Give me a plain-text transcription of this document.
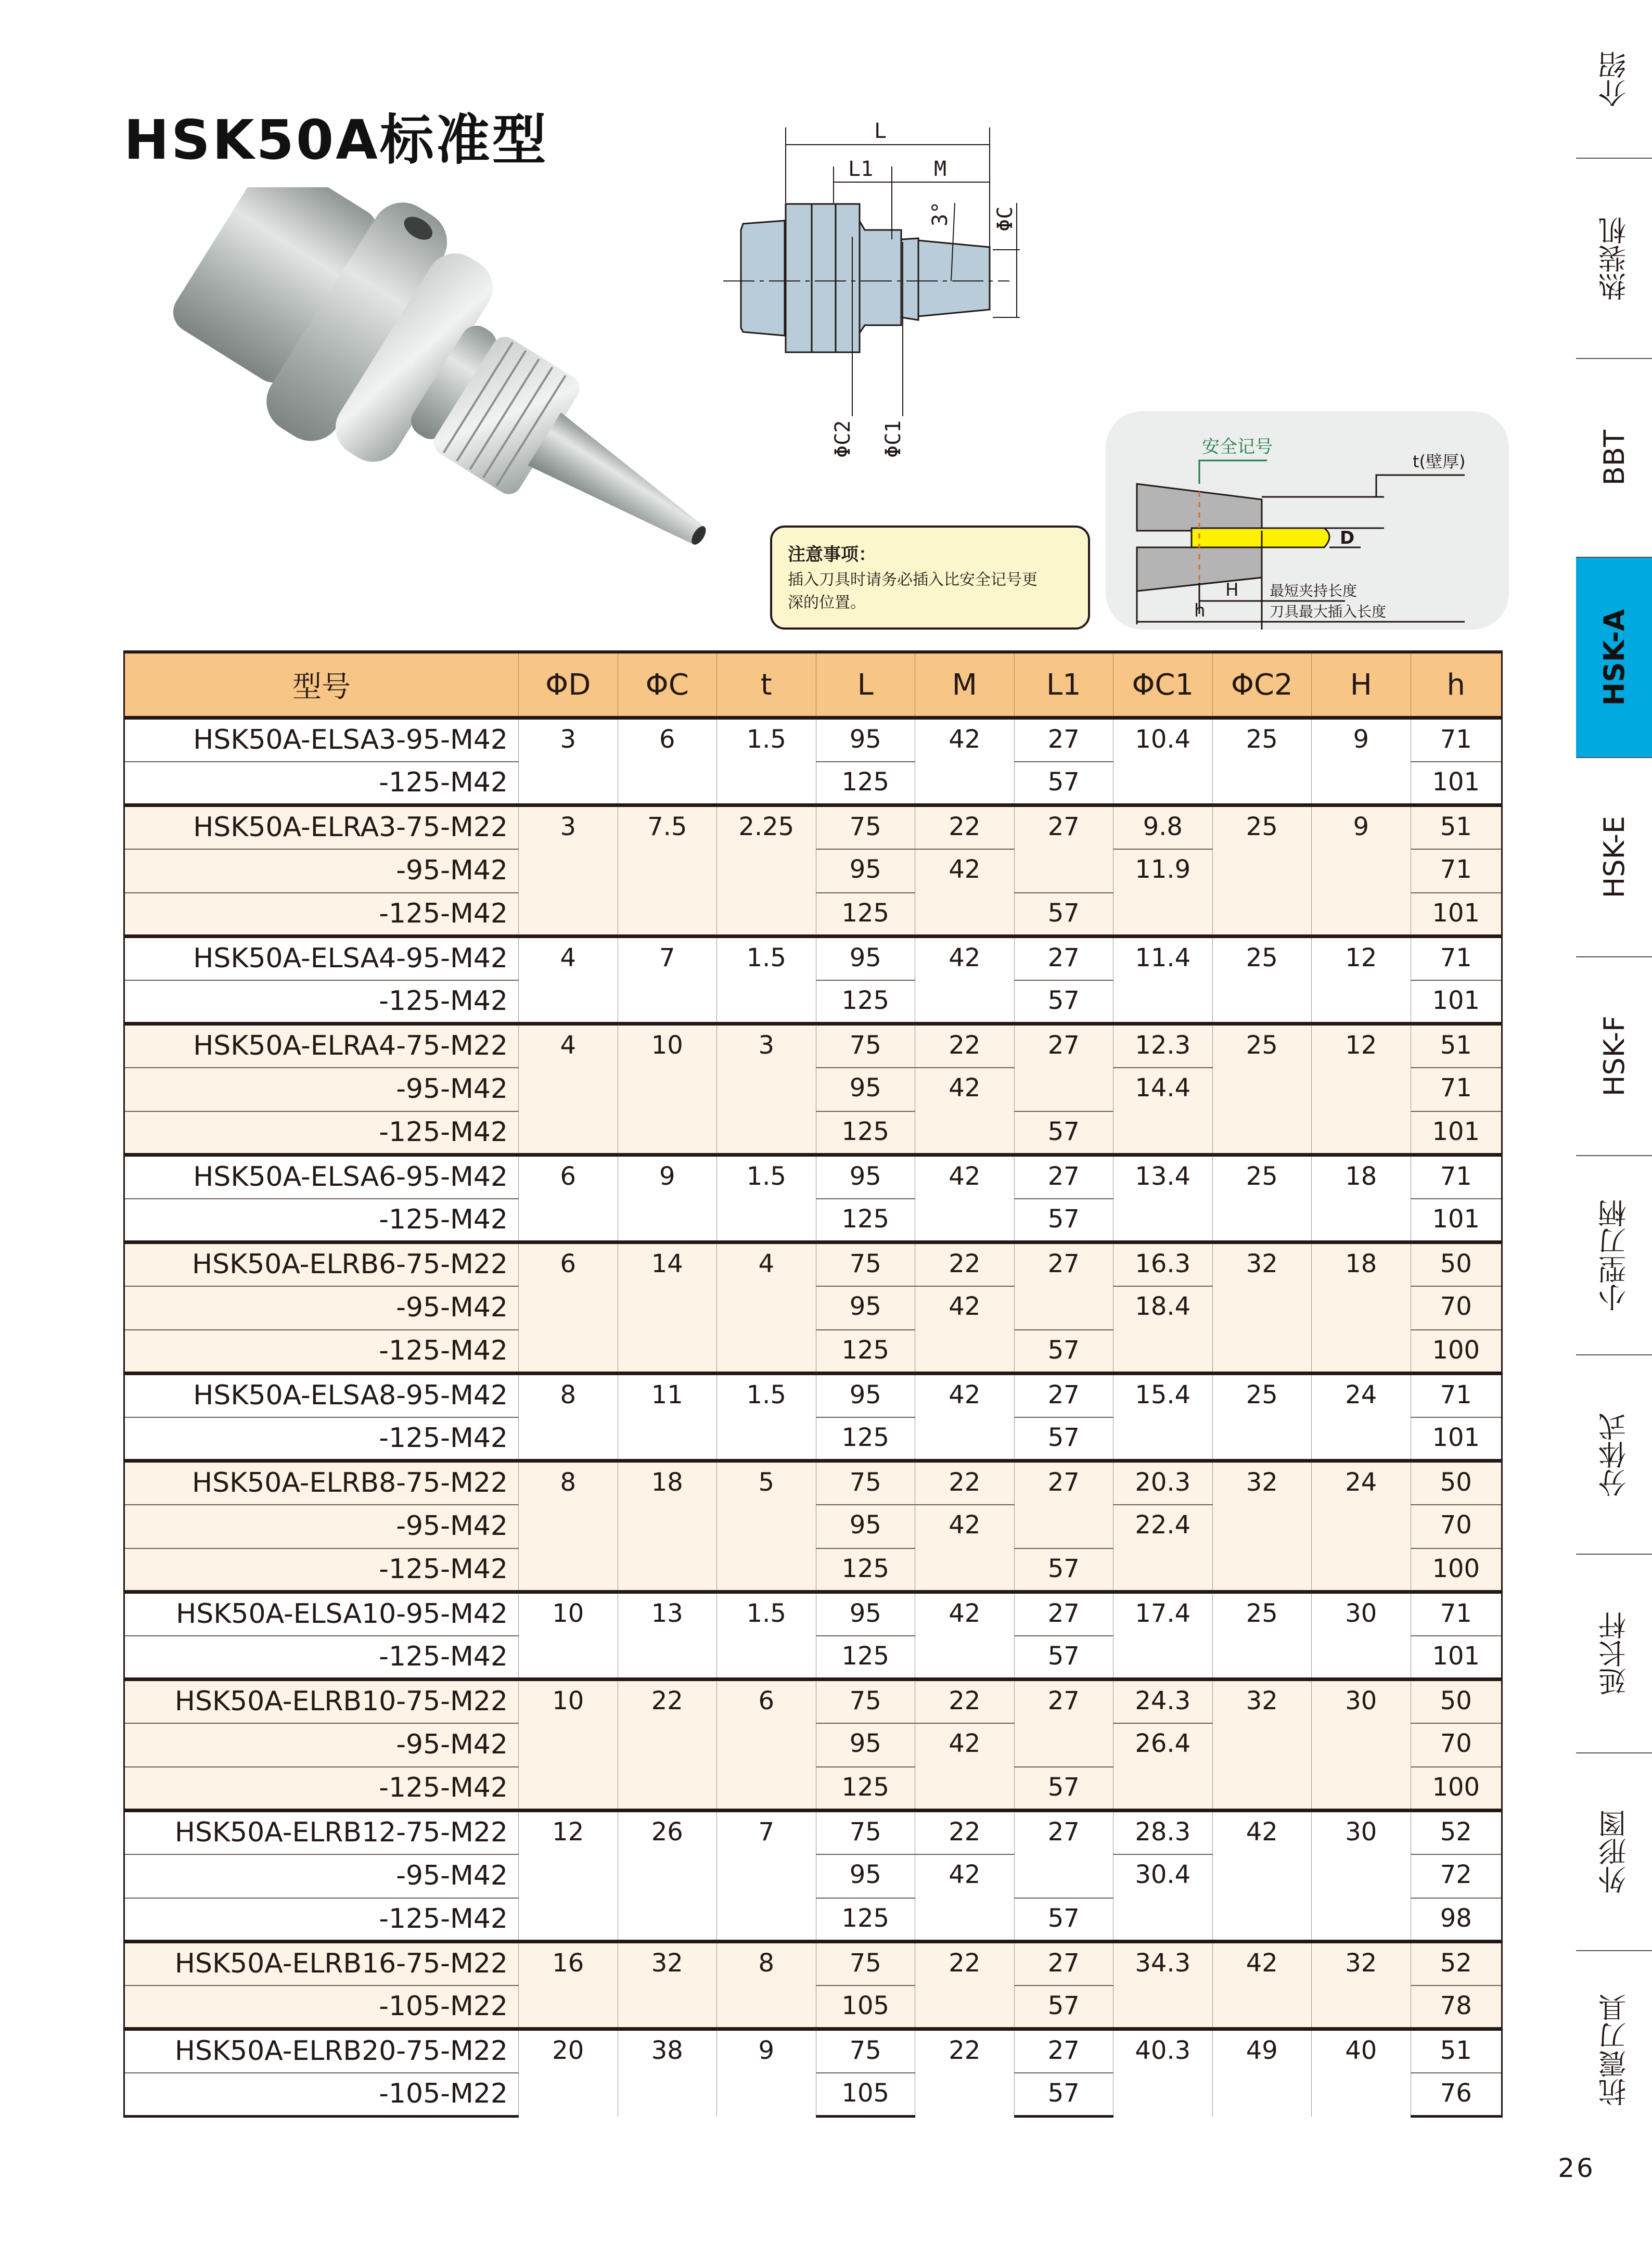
HSK50A标准型	L
L1	M
3° ΦC
ΦC2 ΦC1	安全记号
t(壁厚)
D
H
h
最短夹持长度
刀具最大插入长度
注意事项：
插入刀具时请务必插入比安全记号更
深的位置。
型号	ΦD	ΦC	t	L	M	L1	ΦC1	ΦC2	H	h
HSK50A-ELSA3-95-M42	3	6	1.5	95	42	27	10.4	25	9	71
-125-M42				125		57				101
HSK50A-ELRA3-75-M22	3	7.5	2.25	75	22	27	9.8	25	9	51
-95-M42				95	42		11.9			71
-125-M42				125		57				101
HSK50A-ELSA4-95-M42	4	7	1.5	95	42	27	11.4	25	12	71
-125-M42				125		57				101
HSK50A-ELRA4-75-M22	4	10	3	75	22	27	12.3	25	12	51
-95-M42				95	42		14.4			71
-125-M42				125		57				101
HSK50A-ELSA6-95-M42	6	9	1.5	95	42	27	13.4	25	18	71
-125-M42				125		57				101
HSK50A-ELRB6-75-M22	6	14	4	75	22	27	16.3	32	18	50
-95-M42				95	42		18.4			70
-125-M42				125		57				100
HSK50A-ELSA8-95-M42	8	11	1.5	95	42	27	15.4	25	24	71
-125-M42				125		57				101
HSK50A-ELRB8-75-M22	8	18	5	75	22	27	20.3	32	24	50
-95-M42				95	42		22.4			70
-125-M42				125		57				100
HSK50A-ELSA10-95-M42	10	13	1.5	95	42	27	17.4	25	30	71
-125-M42				125		57				101
HSK50A-ELRB10-75-M22	10	22	6	75	22	27	24.3	32	30	50
-95-M42				95	42		26.4			70
-125-M42				125		57				100
HSK50A-ELRB12-75-M22	12	26	7	75	22	27	28.3	42	30	52
-95-M42				95	42		30.4			72
-125-M42				125		57				98
HSK50A-ELRB16-75-M22	16	32	8	75	22	27	34.3	42	32	52
-105-M22				105		57				78
HSK50A-ELRB20-75-M22	20	38	9	75	22	27	40.3	49	40	51
-105-M22				105		57				76
介绍
热装机
BBT
HSK-A
HSK-E
HSK-F
小型刀柄
分体式
延长杆
外形图
抗震刀具
26
